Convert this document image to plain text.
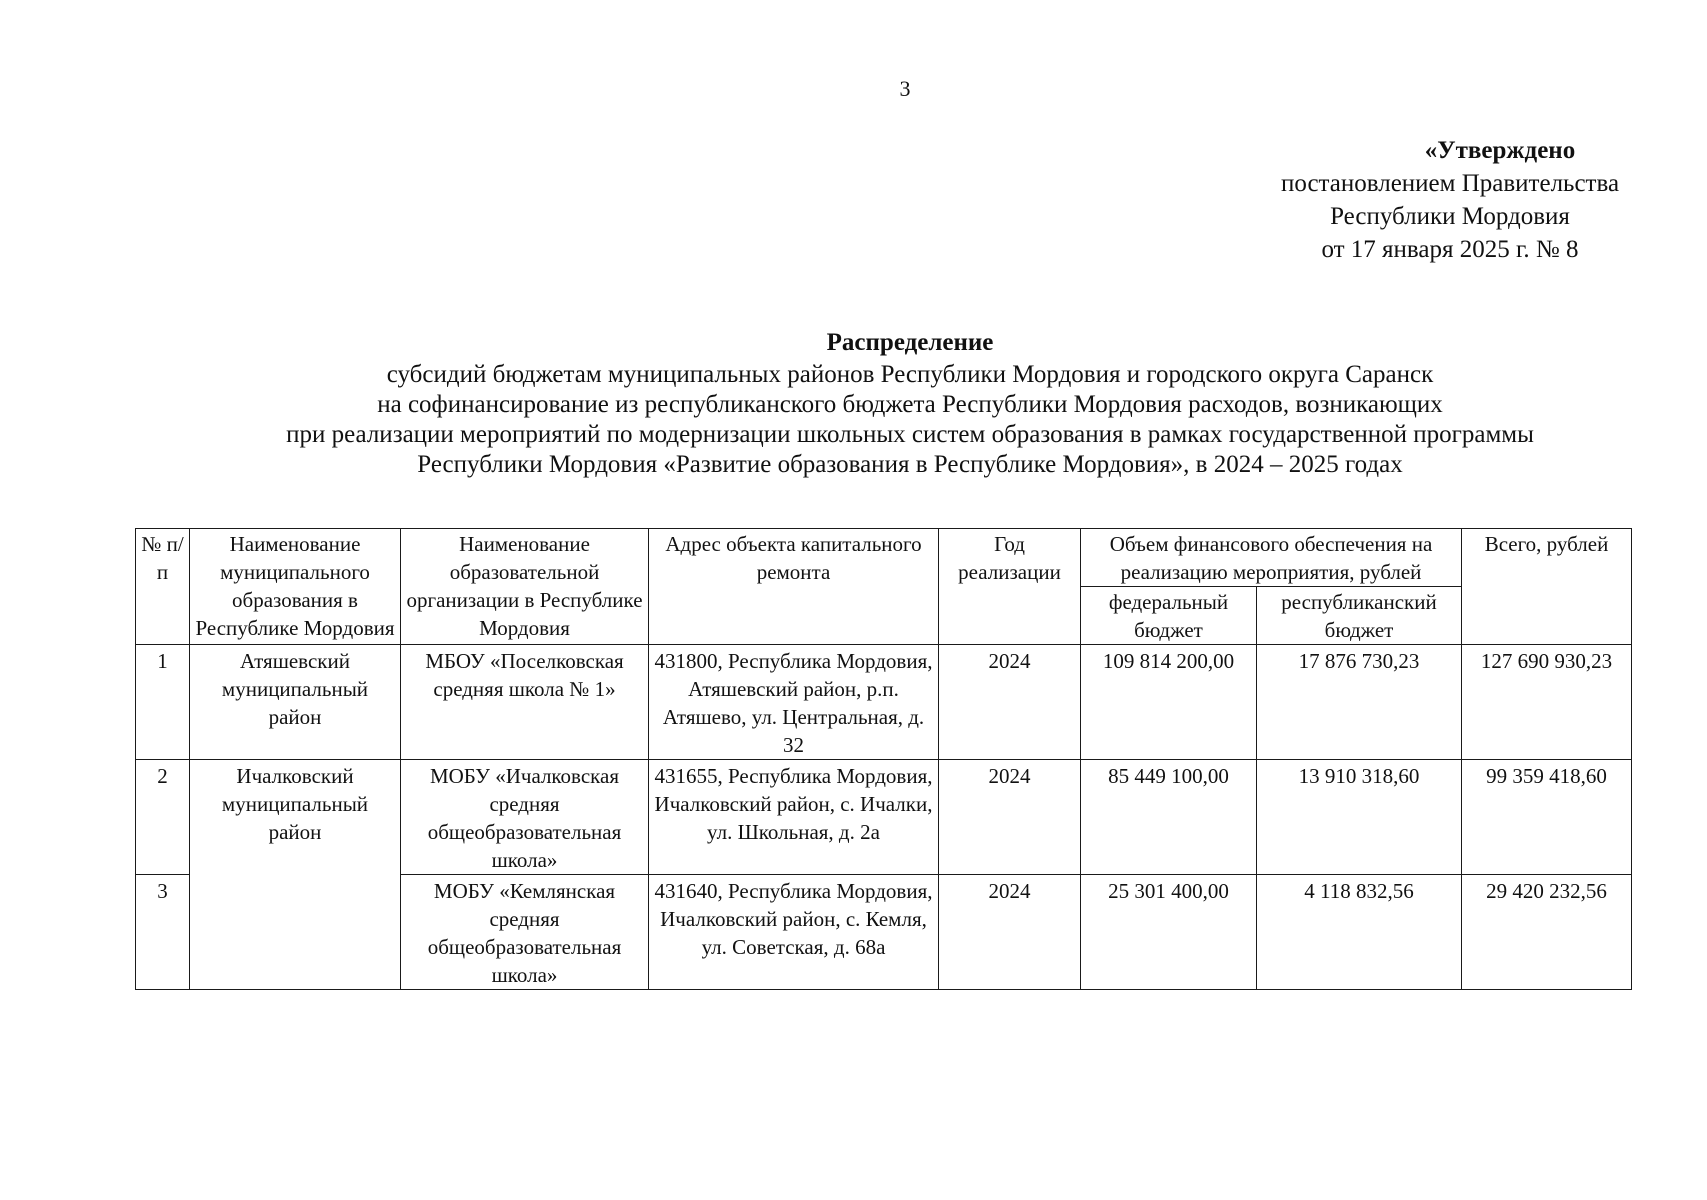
3
«Утверждено
постановлением Правительства
Республики Мордовия
от 17 января 2025 г. № 8
Распределение
субсидий бюджетам муниципальных районов Республики Мордовия и городского округа Саранск
на софинансирование из республиканского бюджета Республики Мордовия расходов, возникающих
при реализации мероприятий по модернизации школьных систем образования в рамках государственной программы
Республики Мордовия «Развитие образования в Республике Мордовия», в 2024 – 2025 годах
№ п/п	Наименование муниципального образования в Республике Мордовия	Наименование образовательной организации в Республике Мордовия	Адрес объекта капитального ремонта	Год реализации	Объем финансового обеспечения на реализацию мероприятия, рублей		Всего, рублей
					федеральный бюджет	республиканский бюджет	
1	Атяшевский муниципальный район	МБОУ «Поселковская средняя школа № 1»	431800, Республика Мордовия, Атяшевский район, р.п. Атяшево, ул. Центральная, д. 32	2024	109 814 200,00	17 876 730,23	127 690 930,23
2	Ичалковский муниципальный район	МОБУ «Ичалковская средняя общеобразовательная школа»	431655, Республика Мордовия, Ичалковский район, с. Ичалки, ул. Школьная, д. 2а	2024	85 449 100,00	13 910 318,60	99 359 418,60
3		МОБУ «Кемлянская средняя общеобразовательная школа»	431640, Республика Мордовия, Ичалковский район, с. Кемля, ул. Советская, д. 68а	2024	25 301 400,00	4 118 832,56	29 420 232,56
